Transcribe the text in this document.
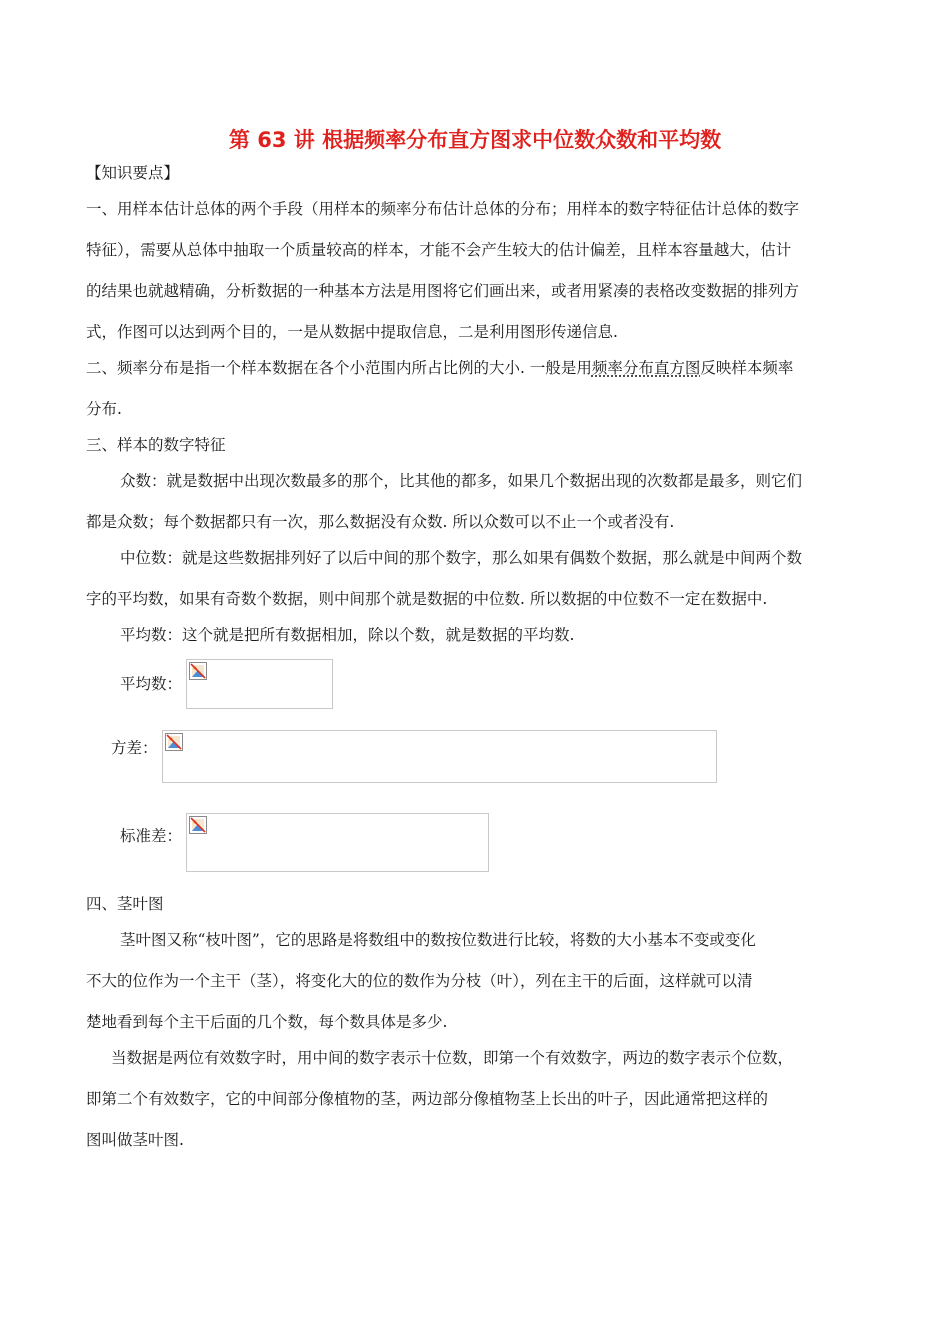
第 63 讲 根据频率分布直方图求中位数众数和平均数
【知识要点】
一、用样本估计总体的两个手段（用样本的频率分布估计总体的分布；用样本的数字特征估计总体的数字
特征），需要从总体中抽取一个质量较高的样本，才能不会产生较大的估计偏差，且样本容量越大，估计
的结果也就越精确，分析数据的一种基本方法是用图将它们画出来，或者用紧凑的表格改变数据的排列方
式，作图可以达到两个目的，一是从数据中提取信息，二是利用图形传递信息.
二、频率分布是指一个样本数据在各个小范围内所占比例的大小. 一般是用频率分布直方图反映样本频率
分布.
三、样本的数字特征
众数：就是数据中出现次数最多的那个，比其他的都多，如果几个数据出现的次数都是最多，则它们
都是众数；每个数据都只有一次，那么数据没有众数. 所以众数可以不止一个或者没有.
中位数：就是这些数据排列好了以后中间的那个数字，那么如果有偶数个数据，那么就是中间两个数
字的平均数，如果有奇数个数据，则中间那个就是数据的中位数. 所以数据的中位数不一定在数据中.
平均数：这个就是把所有数据相加，除以个数，就是数据的平均数.
平均数：
方差：
标准差：
四、茎叶图
茎叶图又称“枝叶图”，它的思路是将数组中的数按位数进行比较，将数的大小基本不变或变化
不大的位作为一个主干（茎），将变化大的位的数作为分枝（叶），列在主干的后面，这样就可以清
楚地看到每个主干后面的几个数，每个数具体是多少.
当数据是两位有效数字时，用中间的数字表示十位数，即第一个有效数字，两边的数字表示个位数，
即第二个有效数字，它的中间部分像植物的茎，两边部分像植物茎上长出的叶子，因此通常把这样的
图叫做茎叶图.
